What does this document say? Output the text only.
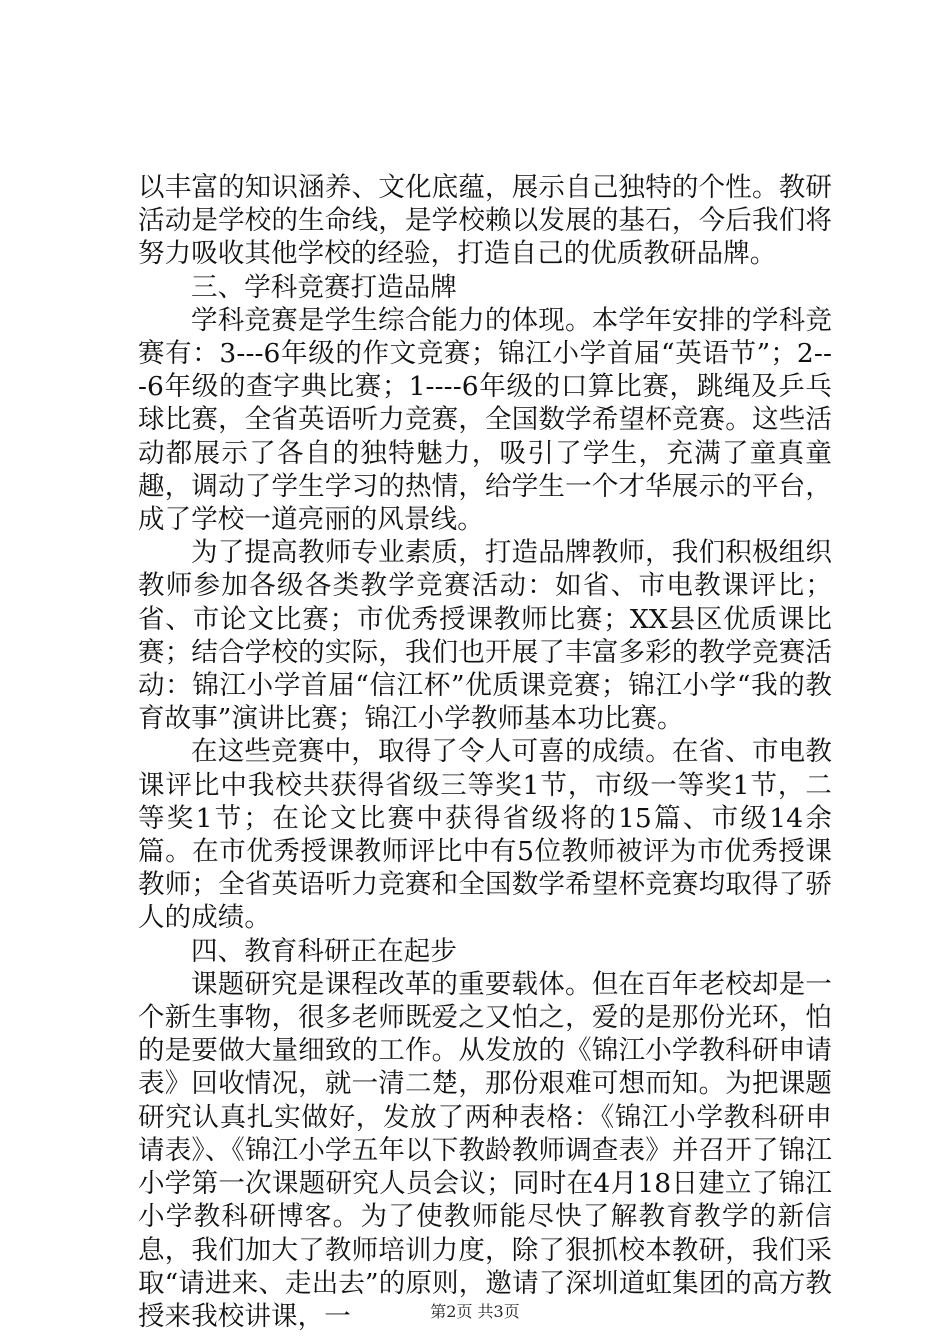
以丰富的知识涵养、文化底蕴，展示自己独特的个性。教研活动是学校的生命线，是学校赖以发展的基石，今后我们将努力吸收其他学校的经验，打造自己的优质教研品牌。

三、学科竞赛打造品牌

学科竞赛是学生综合能力的体现。本学年安排的学科竞赛有：3---6年级的作文竞赛；锦江小学首届“英语节”；2---6年级的查字典比赛；1----6年级的口算比赛，跳绳及乒乓球比赛，全省英语听力竞赛，全国数学希望杯竞赛。这些活动都展示了各自的独特魅力，吸引了学生，充满了童真童趣，调动了学生学习的热情，给学生一个才华展示的平台，成了学校一道亮丽的风景线。

为了提高教师专业素质，打造品牌教师，我们积极组织教师参加各级各类教学竞赛活动：如省、市电教课评比；省、市论文比赛；市优秀授课教师比赛；XX县区优质课比赛；结合学校的实际，我们也开展了丰富多彩的教学竞赛活动：锦江小学首届“信江杯”优质课竞赛；锦江小学“我的教育故事”演讲比赛；锦江小学教师基本功比赛。

在这些竞赛中，取得了令人可喜的成绩。在省、市电教课评比中我校共获得省级三等奖1节，市级一等奖1节，二等奖1节；在论文比赛中获得省级将的15篇、市级14余篇。在市优秀授课教师评比中有5位教师被评为市优秀授课教师；全省英语听力竞赛和全国数学希望杯竞赛均取得了骄人的成绩。

四、教育科研正在起步

课题研究是课程改革的重要载体。但在百年老校却是一个新生事物，很多老师既爱之又怕之，爱的是那份光环，怕的是要做大量细致的工作。从发放的《锦江小学教科研申请表》回收情况，就一清二楚，那份艰难可想而知。为把课题研究认真扎实做好，发放了两种表格：《锦江小学教科研申请表》、《锦江小学五年以下教龄教师调查表》并召开了锦江小学第一次课题研究人员会议；同时在4月18日建立了锦江小学教科研博客。为了使教师能尽快了解教育教学的新信息，我们加大了教师培训力度，除了狠抓校本教研，我们采取“请进来、走出去”的原则，邀请了深圳道虹集团的高方教授来我校讲课，一	第2页 共3页
